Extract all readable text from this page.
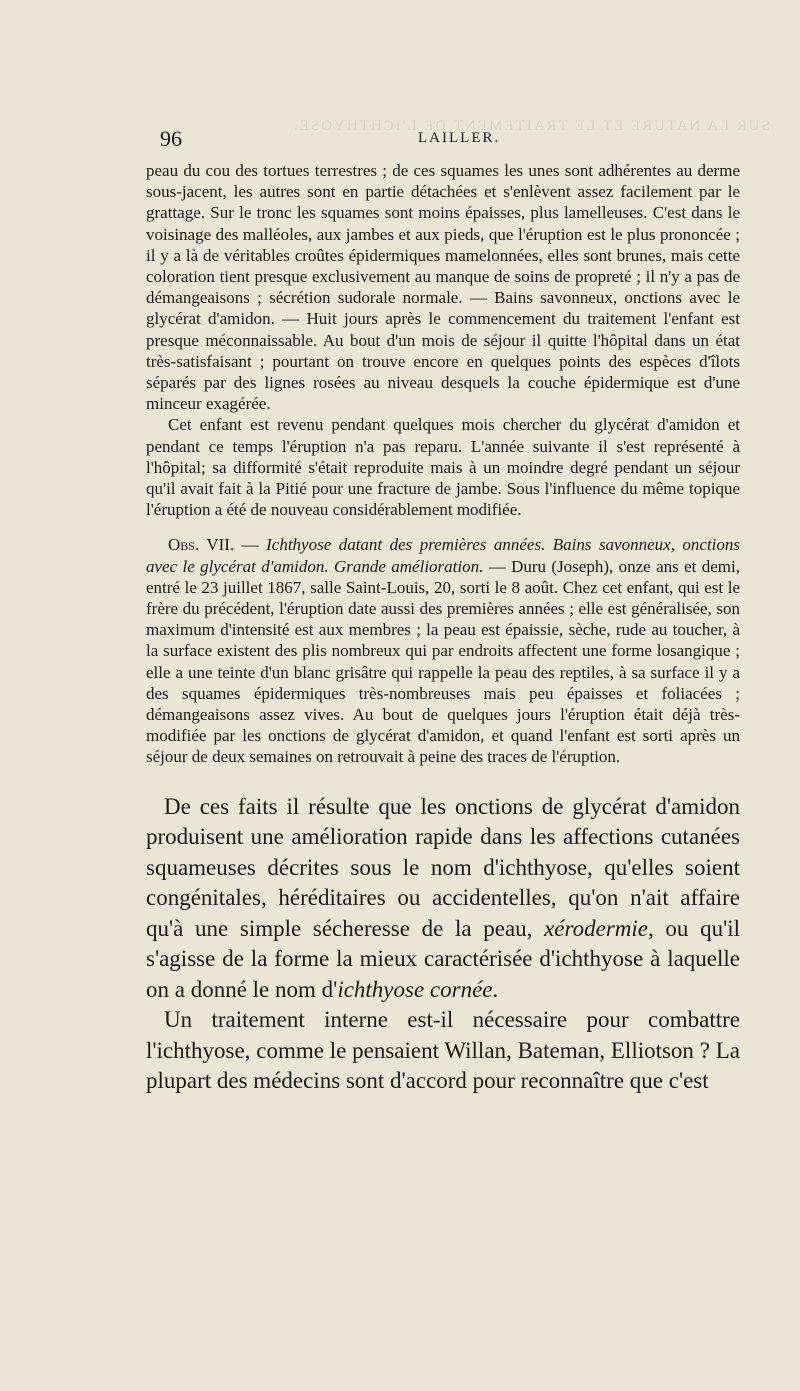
SUR LA NATURE ET LE TRAITEMENT DE L'ICHTHYOSE.
96	LAILLER.

peau du cou des tortues terrestres ; de ces squames les unes sont adhérentes au derme sous-jacent, les autres sont en partie détachées et s'enlèvent assez facilement par le grattage. Sur le tronc les squames sont moins épaisses, plus lamelleuses. C'est dans le voisinage des malléoles, aux jambes et aux pieds, que l'éruption est le plus prononcée ; il y a là de véritables croûtes épidermiques mamelonnées, elles sont brunes, mais cette coloration tient presque exclusivement au manque de soins de propreté ; il n'y a pas de démangeaisons ; sécrétion sudorale normale. — Bains savonneux, onctions avec le glycérat d'amidon. — Huit jours après le commencement du traitement l'enfant est presque méconnaissable. Au bout d'un mois de séjour il quitte l'hôpital dans un état très-satisfaisant ; pourtant on trouve encore en quelques points des espèces d'îlots séparés par des lignes rosées au niveau desquels la couche épidermique est d'une minceur exagérée.

Cet enfant est revenu pendant quelques mois chercher du glycérat d'amidon et pendant ce temps l'éruption n'a pas reparu. L'année suivante il s'est représenté à l'hôpital; sa difformité s'était reproduite mais à un moindre degré pendant un séjour qu'il avait fait à la Pitié pour une fracture de jambe. Sous l'influence du même topique l'éruption a été de nouveau considérablement modifiée.

Obs. VII. — Ichthyose datant des premières années. Bains savonneux, onctions avec le glycérat d'amidon. Grande amélioration. — Duru (Joseph), onze ans et demi, entré le 23 juillet 1867, salle Saint-Louis, 20, sorti le 8 août. Chez cet enfant, qui est le frère du précédent, l'éruption date aussi des premières années ; elle est généralisée, son maximum d'intensité est aux membres ; la peau est épaissie, sèche, rude au toucher, à la surface existent des plis nombreux qui par endroits affectent une forme losangique ; elle a une teinte d'un blanc grisâtre qui rappelle la peau des reptiles, à sa surface il y a des squames épidermiques très-nombreuses mais peu épaisses et foliacées ; démangeaisons assez vives. Au bout de quelques jours l'éruption était déjà très-modifiée par les onctions de glycérat d'amidon, et quand l'enfant est sorti après un séjour de deux semaines on retrouvait à peine des traces de l'éruption.

De ces faits il résulte que les onctions de glycérat d'amidon produisent une amélioration rapide dans les affections cutanées squameuses décrites sous le nom d'ichthyose, qu'elles soient congénitales, héréditaires ou accidentelles, qu'on n'ait affaire qu'à une simple sécheresse de la peau, xérodermie, ou qu'il s'agisse de la forme la mieux caractérisée d'ichthyose à laquelle on a donné le nom d'ichthyose cornée.

Un traitement interne est-il nécessaire pour combattre l'ichthyose, comme le pensaient Willan, Bateman, Elliotson ? La plupart des médecins sont d'accord pour reconnaître que c'est
